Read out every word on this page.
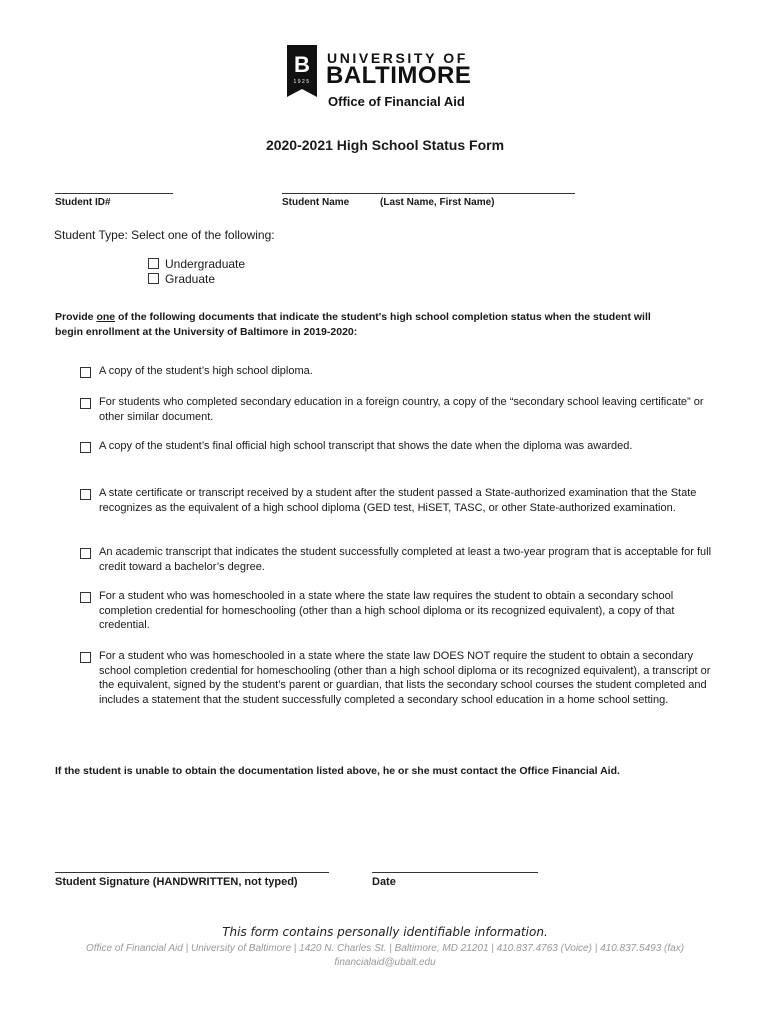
B
1925
UNIVERSITY OF
BALTIMORE
Office of Financial Aid
2020-2021 High School Status Form
Student ID#	Student Name	(Last Name, First Name)
Student Type: Select one of the following:
Undergraduate
Graduate
Provide one of the following documents that indicate the student's high school completion status when the student will begin enrollment at the University of Baltimore in 2019-2020:
A copy of the student’s high school diploma.
For students who completed secondary education in a foreign country, a copy of the “secondary school leaving certificate” or other similar document.
A copy of the student’s final official high school transcript that shows the date when the diploma was awarded.
A state certificate or transcript received by a student after the student passed a State-authorized examination that the State recognizes as the equivalent of a high school diploma (GED test, HiSET, TASC, or other State-authorized examination.
An academic transcript that indicates the student successfully completed at least a two-year program that is acceptable for full credit toward a bachelor’s degree.
For a student who was homeschooled in a state where the state law requires the student to obtain a secondary school completion credential for homeschooling (other than a high school diploma or its recognized equivalent), a copy of that credential.
For a student who was homeschooled in a state where the state law DOES NOT require the student to obtain a secondary school completion credential for homeschooling (other than a high school diploma or its recognized equivalent), a transcript or the equivalent, signed by the student’s parent or guardian, that lists the secondary school courses the student completed and includes a statement that the student successfully completed a secondary school education in a home school setting.
If the student is unable to obtain the documentation listed above, he or she must contact the Office Financial Aid.
Student Signature (HANDWRITTEN, not typed)	Date
This form contains personally identifiable information.
Office of Financial Aid | University of Baltimore | 1420 N. Charles St. | Baltimore, MD 21201 | 410.837.4763 (Voice) | 410.837.5493 (fax)
financialaid@ubalt.edu
